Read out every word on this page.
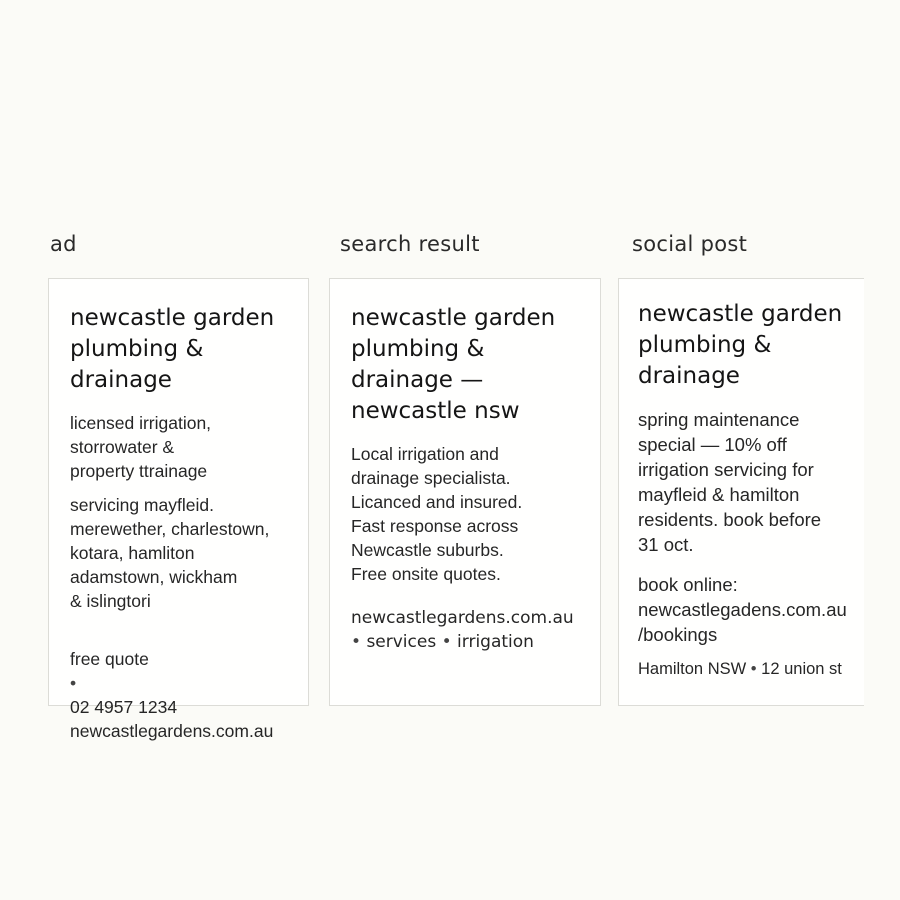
ad	search result	social post
newcastle garden
plumbing &
drainage
licensed irrigation,
storrowater &
property ttrainage
servicing mayfleid.
merewether, charlestown,
kotara, hamliton
adamstown, wickham
& islingtori

free quote
•
02 4957 1234

newcastlegardens.com.au
newcastle garden
plumbing &
drainage —
newcastle nsw
Local irrigation and
drainage specialista.
Licanced and insured.
Fast response across
Newcastle suburbs.
Free onsite quotes.
newcastlegardens.com.au
• services • irrigation
newcastle garden
plumbing &
drainage
spring maintenance
special — 10% off
irrigation servicing for
mayfleid & hamilton
residents. book before
31 oct.
book online:
newcastlegadens.com.au
/bookings
Hamilton NSW • 12 union st
